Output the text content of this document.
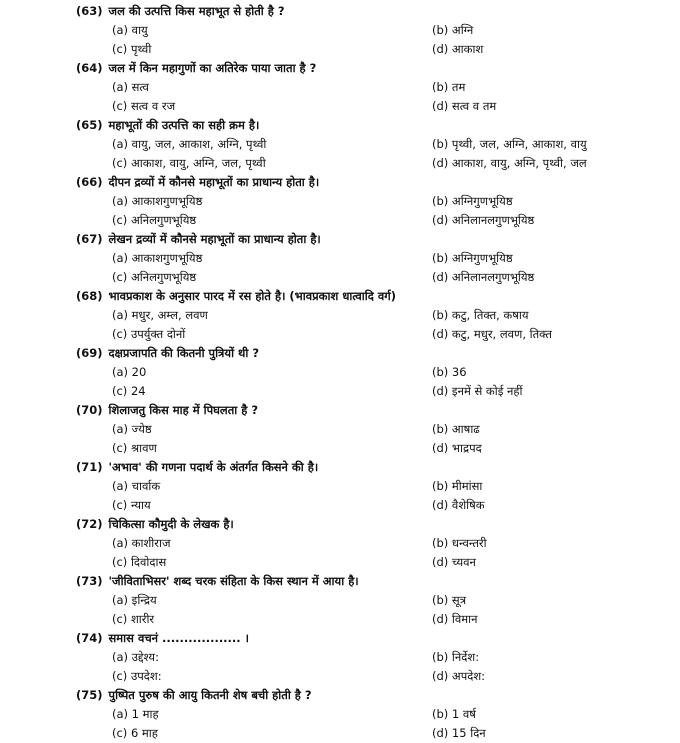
(63) जल की उत्पत्ति किस महाभूत से होती है ?
(a) वायु	(b) अग्नि
(c) पृथ्वी	(d) आकाश
(64) जल में किन महागुणों का अतिरेक पाया जाता है ?
(a) सत्व	(b) तम
(c) सत्व व रज	(d) सत्व व तम
(65) महाभूतों की उत्पत्ति का सही क्रम है।
(a) वायु, जल, आकाश, अग्नि, पृथ्वी	(b) पृथ्वी, जल, अग्नि, आकाश, वायु
(c) आकाश, वायु, अग्नि, जल, पृथ्वी	(d) आकाश, वायु, अग्नि, पृथ्वी, जल
(66) दीपन द्रव्यों में कौनसे महाभूतों का प्राधान्य होता है।
(a) आकाशगुणभूयिष्ठ	(b) अग्निगुणभूयिष्ठ
(c) अनिलगुणभूयिष्ठ	(d) अनिलानलगुणभूयिष्ठ
(67) लेखन द्रव्यों में कौनसे महाभूतों का प्राधान्य होता है।
(a) आकाशगुणभूयिष्ठ	(b) अग्निगुणभूयिष्ठ
(c) अनिलगुणभूयिष्ठ	(d) अनिलानलगुणभूयिष्ठ
(68) भावप्रकाश के अनुसार पारद में रस होते है। (भावप्रकाश धात्वादि वर्ग)
(a) मधुर, अम्ल, लवण	(b) कटु, तिक्त, कषाय
(c) उपर्युक्त दोनों	(d) कटु, मधुर, लवण, तिक्त
(69) दक्षप्रजापति की कितनी पुत्रियों थी ?
(a) 20	(b) 36
(c) 24	(d) इनमें से कोई नहीं
(70) शिलाजतु किस माह में पिघलता है ?
(a) ज्येष्ठ	(b) आषाढ
(c) श्रावण	(d) भाद्रपद
(71) 'अभाव' की गणना पदार्थ के अंतर्गत किसने की है।
(a) चार्वाक	(b) मीमांसा
(c) न्याय	(d) वैशेषिक
(72) चिकित्सा कौमुदी के लेखक है।
(a) काशीराज	(b) धन्वन्तरी
(c) दिवोदास	(d) च्यवन
(73) 'जीविताभिसर' शब्द चरक संहिता के किस स्थान में आया है।
(a) इन्द्रिय	(b) सूत्र
(c) शारीर	(d) विमान
(74) समास वचनं .................. ।
(a) उद्देश्य:	(b) निर्देश:
(c) उपदेश:	(d) अपदेश:
(75) पुष्पित पुरुष की आयु कितनी शेष बची होती है ?
(a) 1 माह	(b) 1 वर्ष
(c) 6 माह	(d) 15 दिन
